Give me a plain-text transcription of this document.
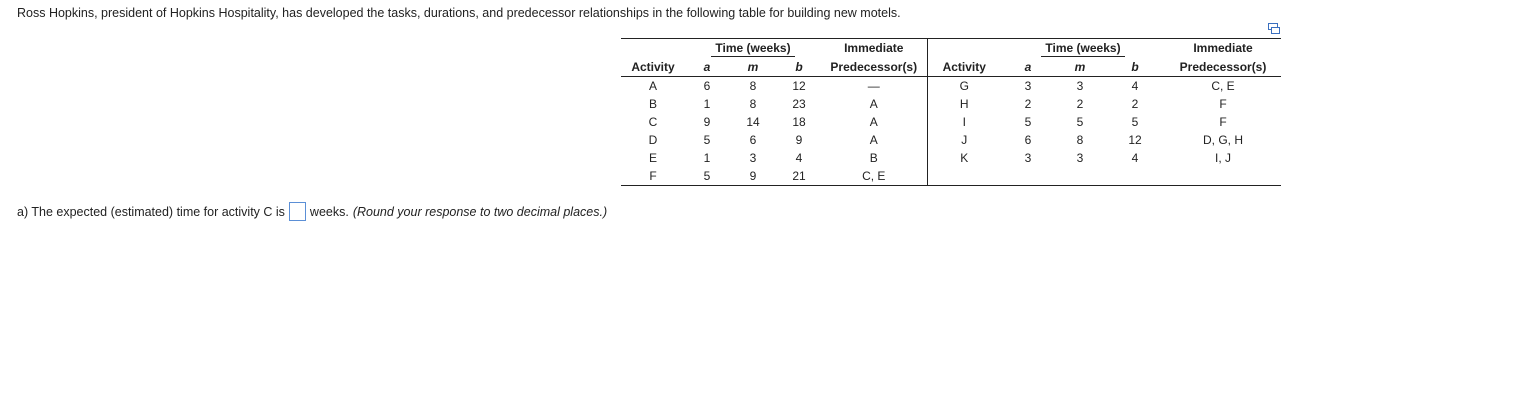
Ross Hopkins, president of Hopkins Hospitality, has developed the tasks, durations, and predecessor relationships in the following table for building new motels.
	Time (weeks)			Immediate		Time (weeks)			Immediate
Activity	a	m	b	Predecessor(s)	Activity	a	m	b	Predecessor(s)
A	6	8	12	—	G	3	3	4	C, E
B	1	8	23	A	H	2	2	2	F
C	9	14	18	A	I	5	5	5	F
D	5	6	9	A	J	6	8	12	D, G, H
E	1	3	4	B	K	3	3	4	I, J
F	5	9	21	C, E					
a) The expected (estimated) time for activity C is weeks. (Round your response to two decimal places.)
